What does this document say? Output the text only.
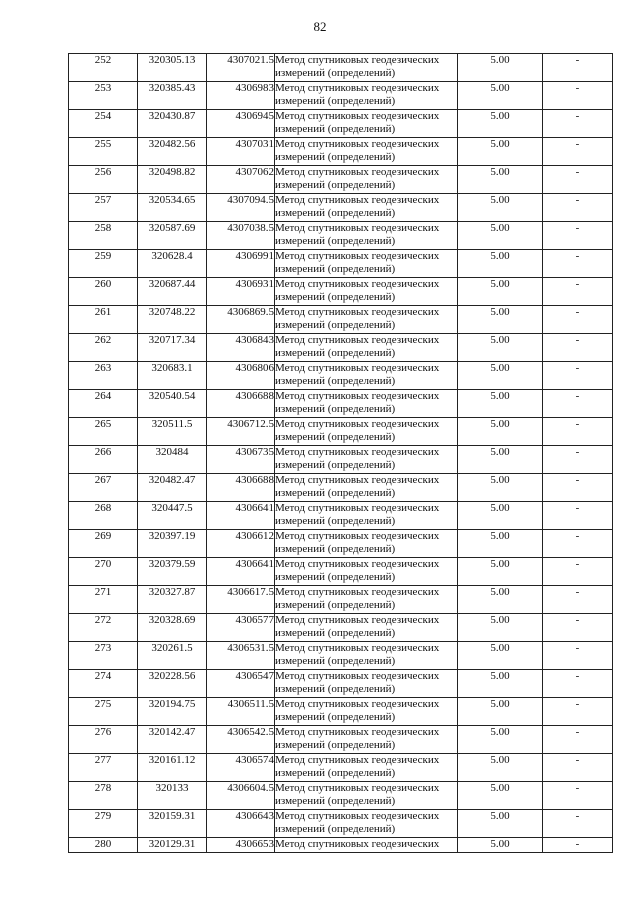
82
252	320305.13	4307021.5	Метод спутниковых геодезических
измерений (определений)	5.00	-
253	320385.43	4306983	Метод спутниковых геодезических
измерений (определений)	5.00	-
254	320430.87	4306945	Метод спутниковых геодезических
измерений (определений)	5.00	-
255	320482.56	4307031	Метод спутниковых геодезических
измерений (определений)	5.00	-
256	320498.82	4307062	Метод спутниковых геодезических
измерений (определений)	5.00	-
257	320534.65	4307094.5	Метод спутниковых геодезических
измерений (определений)	5.00	-
258	320587.69	4307038.5	Метод спутниковых геодезических
измерений (определений)	5.00	-
259	320628.4	4306991	Метод спутниковых геодезических
измерений (определений)	5.00	-
260	320687.44	4306931	Метод спутниковых геодезических
измерений (определений)	5.00	-
261	320748.22	4306869.5	Метод спутниковых геодезических
измерений (определений)	5.00	-
262	320717.34	4306843	Метод спутниковых геодезических
измерений (определений)	5.00	-
263	320683.1	4306806	Метод спутниковых геодезических
измерений (определений)	5.00	-
264	320540.54	4306688	Метод спутниковых геодезических
измерений (определений)	5.00	-
265	320511.5	4306712.5	Метод спутниковых геодезических
измерений (определений)	5.00	-
266	320484	4306735	Метод спутниковых геодезических
измерений (определений)	5.00	-
267	320482.47	4306688	Метод спутниковых геодезических
измерений (определений)	5.00	-
268	320447.5	4306641	Метод спутниковых геодезических
измерений (определений)	5.00	-
269	320397.19	4306612	Метод спутниковых геодезических
измерений (определений)	5.00	-
270	320379.59	4306641	Метод спутниковых геодезических
измерений (определений)	5.00	-
271	320327.87	4306617.5	Метод спутниковых геодезических
измерений (определений)	5.00	-
272	320328.69	4306577	Метод спутниковых геодезических
измерений (определений)	5.00	-
273	320261.5	4306531.5	Метод спутниковых геодезических
измерений (определений)	5.00	-
274	320228.56	4306547	Метод спутниковых геодезических
измерений (определений)	5.00	-
275	320194.75	4306511.5	Метод спутниковых геодезических
измерений (определений)	5.00	-
276	320142.47	4306542.5	Метод спутниковых геодезических
измерений (определений)	5.00	-
277	320161.12	4306574	Метод спутниковых геодезических
измерений (определений)	5.00	-
278	320133	4306604.5	Метод спутниковых геодезических
измерений (определений)	5.00	-
279	320159.31	4306643	Метод спутниковых геодезических
измерений (определений)	5.00	-
280	320129.31	4306653	Метод спутниковых геодезических	5.00	-
